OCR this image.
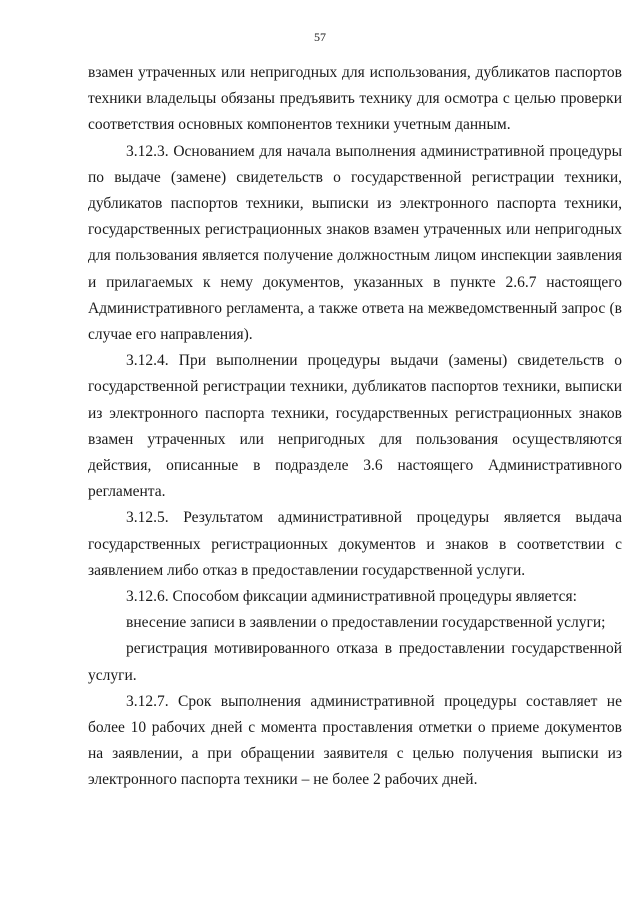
57

взамен утраченных или непригодных для использования, дубликатов паспортов техники владельцы обязаны предъявить технику для осмотра с целью проверки соответствия основных компонентов техники учетным данным.

3.12.3. Основанием для начала выполнения административной процедуры по выдаче (замене) свидетельств о государственной регистрации техники, дубликатов паспортов техники, выписки из электронного паспорта техники, государственных регистрационных знаков взамен утраченных или непригодных для пользования является получение должностным лицом инспекции заявления и прилагаемых к нему документов, указанных в пункте 2.6.7 настоящего Административного регламента, а также ответа на межведомственный запрос (в случае его направления).

3.12.4. При выполнении процедуры выдачи (замены) свидетельств о государственной регистрации техники, дубликатов паспортов техники, выписки из электронного паспорта техники, государственных регистрационных знаков взамен утраченных или непригодных для пользования осуществляются действия, описанные в подразделе 3.6 настоящего Административного регламента.

3.12.5. Результатом административной процедуры является выдача государственных регистрационных документов и знаков в соответствии с заявлением либо отказ в предоставлении государственной услуги.

3.12.6. Способом фиксации административной процедуры является:

внесение записи в заявлении о предоставлении государственной услуги;

регистрация мотивированного отказа в предоставлении государственной услуги.

3.12.7. Срок выполнения административной процедуры составляет не более 10 рабочих дней с момента проставления отметки о приеме документов на заявлении, а при обращении заявителя с целью получения выписки из электронного паспорта техники – не более 2 рабочих дней.
